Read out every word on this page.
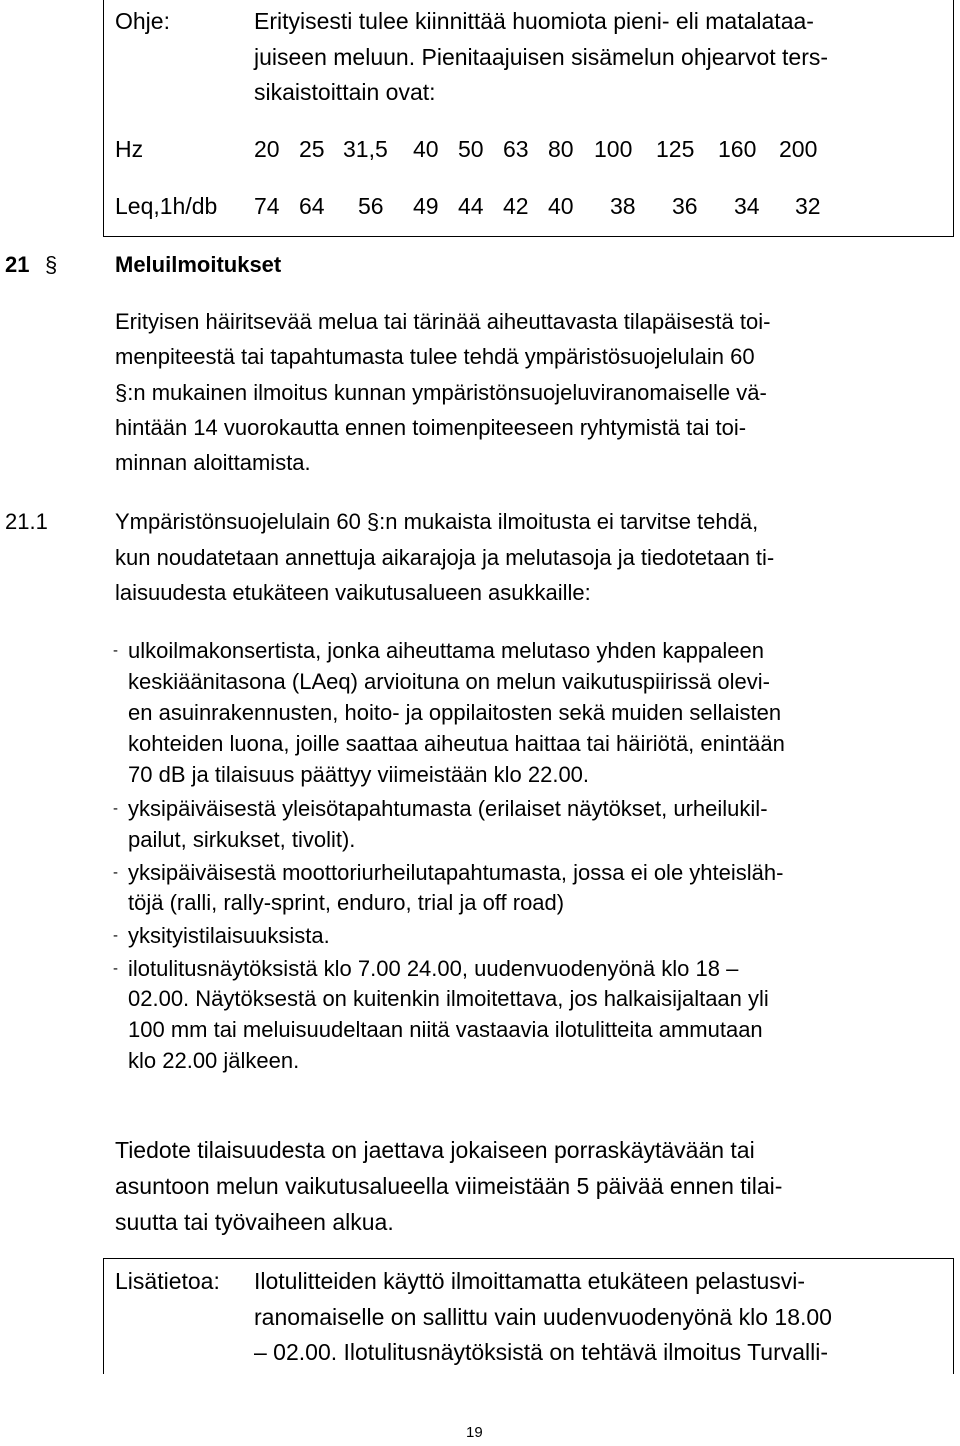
Ohje:	Erityisesti tulee kiinnittää huomiota pieni- eli matalataa-
juiseen meluun. Pienitaajuisen sisämelun ohjearvot ters-
sikaistoittain ovat:
Hz	20 25 31,5 40 50 63 80 100 125 160 200
Leq,1h/db 74 64 56 49 44 42 40 38 36 34 32
21 §	Meluilmoitukset
Erityisen häiritsevää melua tai tärinää aiheuttavasta tilapäisestä toi-
menpiteestä tai tapahtumasta tulee tehdä ympäristösuojelulain 60
§:n mukainen ilmoitus kunnan ympäristönsuojeluviranomaiselle vä-
hintään 14 vuorokautta ennen toimenpiteeseen ryhtymistä tai toi-
minnan aloittamista.
21.1	Ympäristönsuojelulain 60 §:n mukaista ilmoitusta ei tarvitse tehdä,
kun noudatetaan annettuja aikarajoja ja melutasoja ja tiedotetaan ti-
laisuudesta etukäteen vaikutusalueen asukkaille:
- ulkoilmakonsertista, jonka aiheuttama melutaso yhden kappaleen
keskiäänitasona (LAeq) arvioituna on melun vaikutuspiirissä olevi-
en asuinrakennusten, hoito- ja oppilaitosten sekä muiden sellaisten
kohteiden luona, joille saattaa aiheutua haittaa tai häiriötä, enintään
70 dB ja tilaisuus päättyy viimeistään klo 22.00.
- yksipäiväisestä yleisötapahtumasta (erilaiset näytökset, urheilukil-
pailut, sirkukset, tivolit).
- yksipäiväisestä moottoriurheilutapahtumasta, jossa ei ole yhteisläh-
töjä (ralli, rally-sprint, enduro, trial ja off road)
- yksityistilaisuuksista.
- ilotulitusnäytöksistä klo 7.00 24.00, uudenvuodenyönä klo 18 –
02.00. Näytöksestä on kuitenkin ilmoitettava, jos halkaisijaltaan yli
100 mm tai meluisuudeltaan niitä vastaavia ilotulitteita ammutaan
klo 22.00 jälkeen.
Tiedote tilaisuudesta on jaettava jokaiseen porraskäytävään tai
asuntoon melun vaikutusalueella viimeistään 5 päivää ennen tilai-
suutta tai työvaiheen alkua.
Lisätietoa: Ilotulitteiden käyttö ilmoittamatta etukäteen pelastusvi-
ranomaiselle on sallittu vain uudenvuodenyönä klo 18.00
– 02.00. Ilotulitusnäytöksistä on tehtävä ilmoitus Turvalli-
19
